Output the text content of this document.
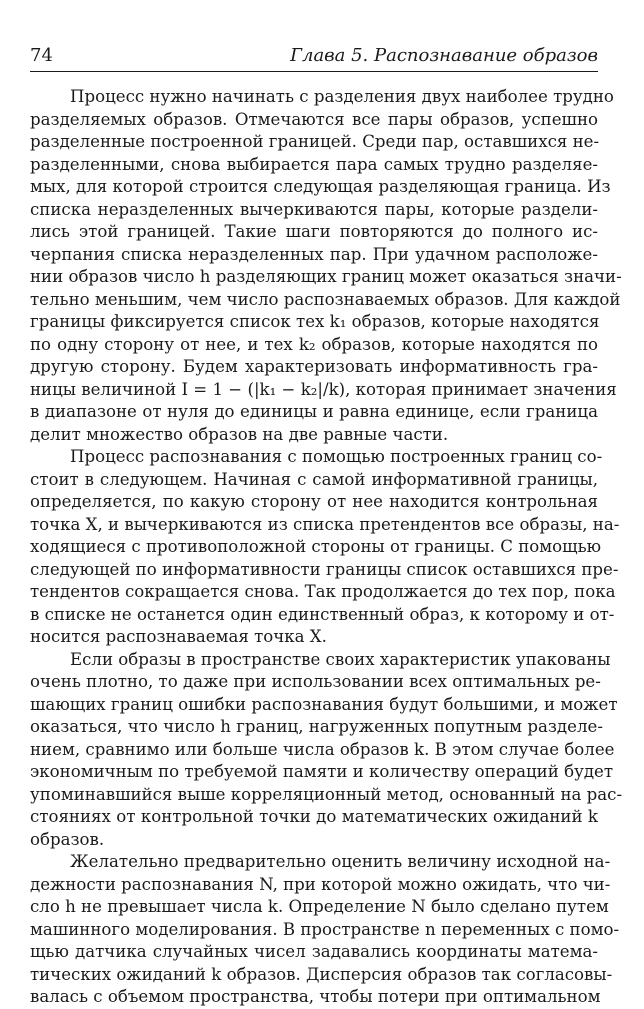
74	Глава 5. Распознавание образов
Процесс нужно начинать с разделения двух наиболее трудно
разделяемых образов. Отмечаются все пары образов, успешно
разделенные построенной границей. Среди пар, оставшихся не-
разделенными, снова выбирается пара самых трудно разделяе-
мых, для которой строится следующая разделяющая граница. Из
списка неразделенных вычеркиваются пары, которые раздели-
лись этой границей. Такие шаги повторяются до полного ис-
черпания списка неразделенных пар. При удачном расположе-
нии образов число h разделяющих границ может оказаться значи-
тельно меньшим, чем число распознаваемых образов. Для каждой
границы фиксируется список тех k₁ образов, которые находятся
по одну сторону от нее, и тех k₂ образов, которые находятся по
другую сторону. Будем характеризовать информативность гра-
ницы величиной I = 1 − (|k₁ − k₂|/k), которая принимает значения
в диапазоне от нуля до единицы и равна единице, если граница
делит множество образов на две равные части.
Процесс распознавания с помощью построенных границ со-
стоит в следующем. Начиная с самой информативной границы,
определяется, по какую сторону от нее находится контрольная
точка X, и вычеркиваются из списка претендентов все образы, на-
ходящиеся с противоположной стороны от границы. С помощью
следующей по информативности границы список оставшихся пре-
тендентов сокращается снова. Так продолжается до тех пор, пока
в списке не останется один единственный образ, к которому и от-
носится распознаваемая точка X.
Если образы в пространстве своих характеристик упакованы
очень плотно, то даже при использовании всех оптимальных ре-
шающих границ ошибки распознавания будут большими, и может
оказаться, что число h границ, нагруженных попутным разделе-
нием, сравнимо или больше числа образов k. В этом случае более
экономичным по требуемой памяти и количеству операций будет
упоминавшийся выше корреляционный метод, основанный на рас-
стояниях от контрольной точки до математических ожиданий k
образов.
Желательно предварительно оценить величину исходной на-
дежности распознавания N, при которой можно ожидать, что чи-
сло h не превышает числа k. Определение N было сделано путем
машинного моделирования. В пространстве n переменных с помо-
щью датчика случайных чисел задавались координаты матема-
тических ожиданий k образов. Дисперсия образов так согласовы-
валась с объемом пространства, чтобы потери при оптимальном
